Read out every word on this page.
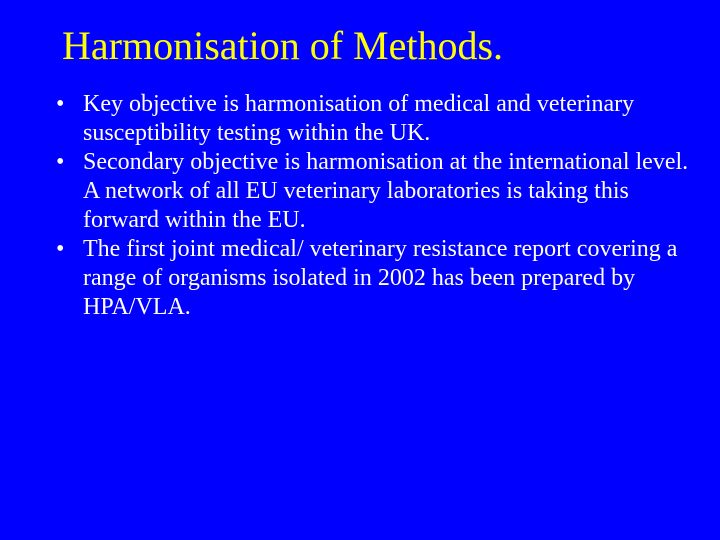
Harmonisation of Methods.
• Key objective is harmonisation of medical and veterinary susceptibility testing within the UK.
• Secondary objective is harmonisation at the international level. A network of all EU veterinary laboratories is taking this forward within the EU.
• The first joint medical/ veterinary resistance report covering a range of organisms isolated in 2002 has been prepared by HPA/VLA.
